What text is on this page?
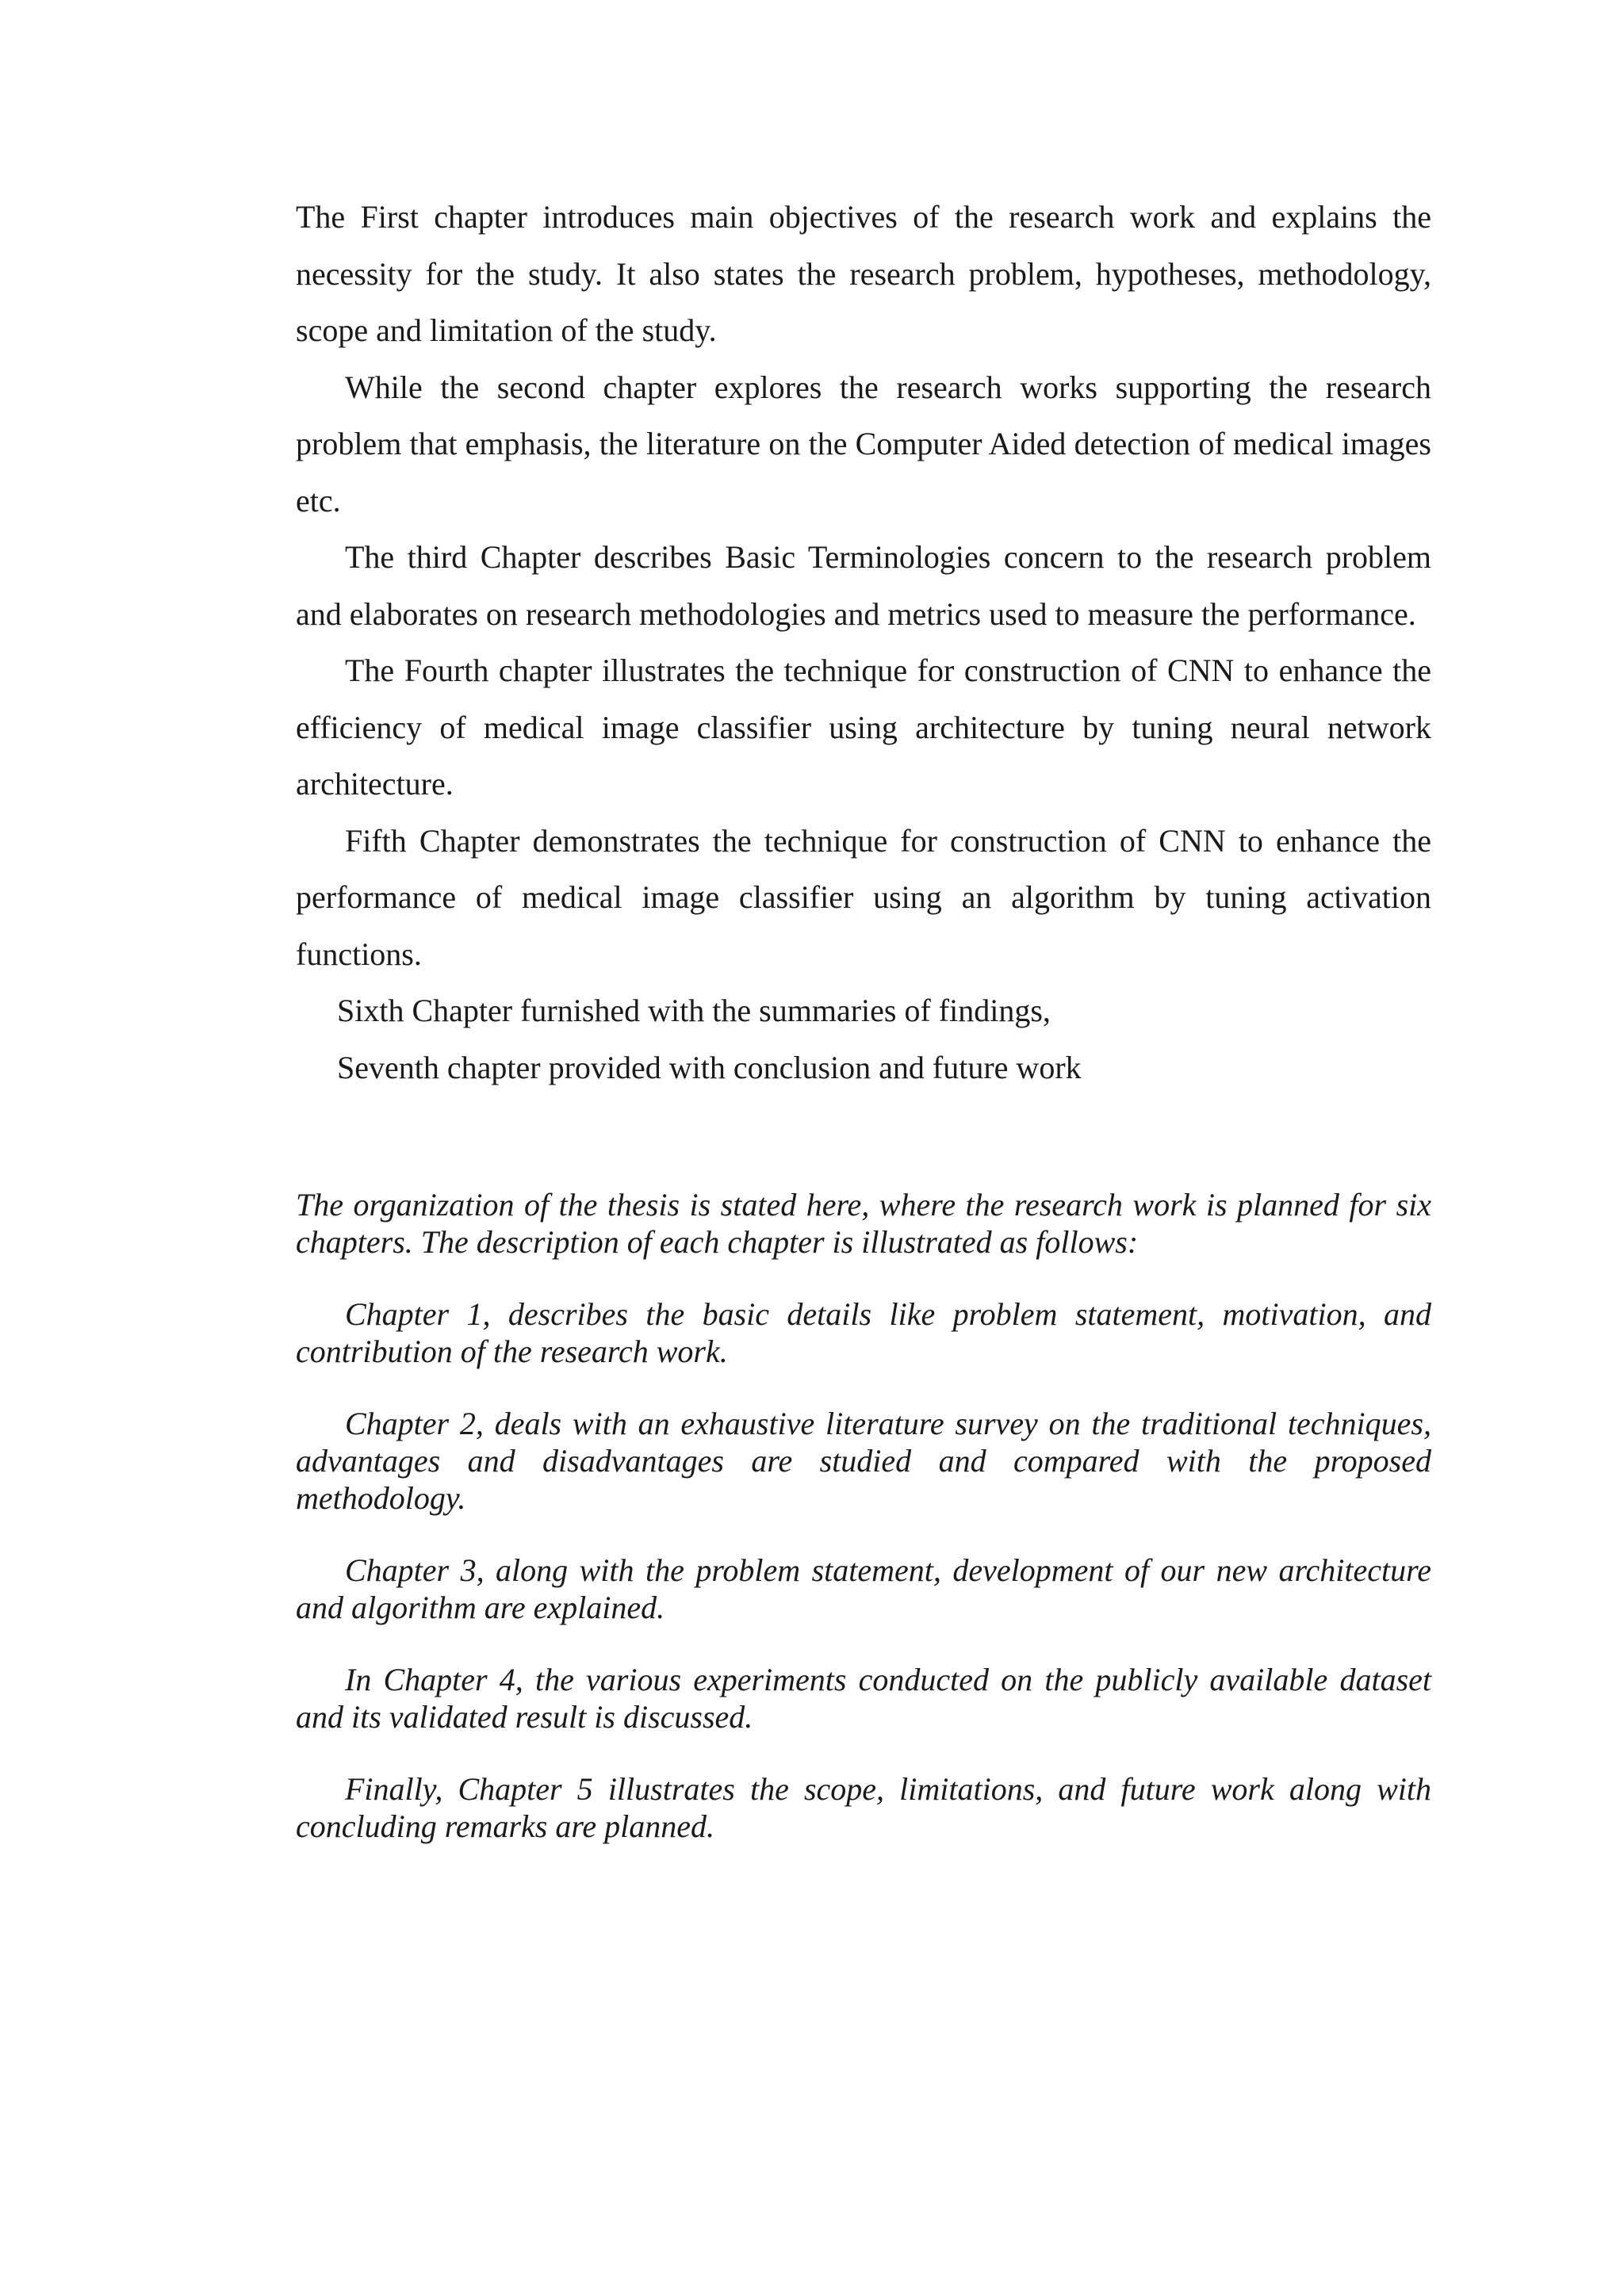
The First chapter introduces main objectives of the research work and explains the necessity for the study. It also states the research problem, hypotheses, methodology, scope and limitation of the study.

While the second chapter explores the research works supporting the research problem that emphasis, the literature on the Computer Aided detection of medical images etc.

The third Chapter describes Basic Terminologies concern to the research problem and elaborates on research methodologies and metrics used to measure the performance.

The Fourth chapter illustrates the technique for construction of CNN to enhance the efficiency of medical image classifier using architecture by tuning neural network architecture.

Fifth Chapter demonstrates the technique for construction of CNN to enhance the performance of medical image classifier using an algorithm by tuning activation functions.

Sixth Chapter furnished with the summaries of findings,

Seventh chapter provided with conclusion and future work

The organization of the thesis is stated here, where the research work is planned for six chapters. The description of each chapter is illustrated as follows:

Chapter 1, describes the basic details like problem statement, motivation, and contribution of the research work.

Chapter 2, deals with an exhaustive literature survey on the traditional techniques, advantages and disadvantages are studied and compared with the proposed methodology.

Chapter 3, along with the problem statement, development of our new architecture and algorithm are explained.

In Chapter 4, the various experiments conducted on the publicly available dataset and its validated result is discussed.

Finally, Chapter 5 illustrates the scope, limitations, and future work along with concluding remarks are planned.
